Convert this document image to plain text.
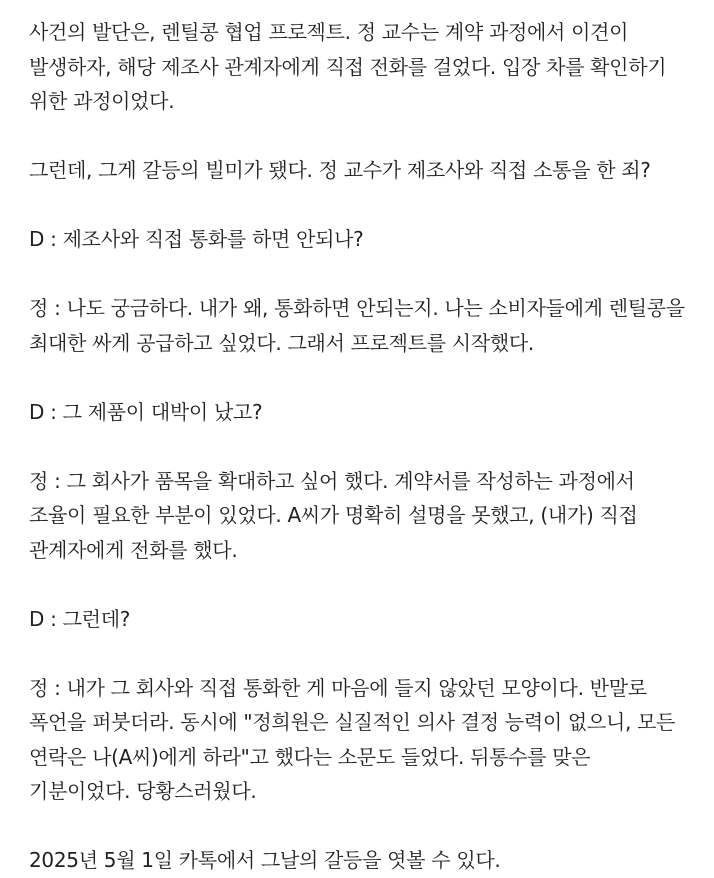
사건의 발단은, 렌틸콩 협업 프로젝트. 정 교수는 계약 과정에서 이견이 발생하자, 해당 제조사 관계자에게 직접 전화를 걸었다. 입장 차를 확인하기 위한 과정이었다.

그런데, 그게 갈등의 빌미가 됐다. 정 교수가 제조사와 직접 소통을 한 죄?

D : 제조사와 직접 통화를 하면 안되나?

정 : 나도 궁금하다. 내가 왜, 통화하면 안되는지. 나는 소비자들에게 렌틸콩을 최대한 싸게 공급하고 싶었다. 그래서 프로젝트를 시작했다.

D : 그 제품이 대박이 났고?

정 : 그 회사가 품목을 확대하고 싶어 했다. 계약서를 작성하는 과정에서 조율이 필요한 부분이 있었다. A씨가 명확히 설명을 못했고, (내가) 직접 관계자에게 전화를 했다.

D : 그런데?

정 : 내가 그 회사와 직접 통화한 게 마음에 들지 않았던 모양이다. 반말로 폭언을 퍼붓더라. 동시에 "정희원은 실질적인 의사 결정 능력이 없으니, 모든 연락은 나(A씨)에게 하라"고 했다는 소문도 들었다. 뒤통수를 맞은 기분이었다. 당황스러웠다.

2025년 5월 1일 카톡에서 그날의 갈등을 엿볼 수 있다.
